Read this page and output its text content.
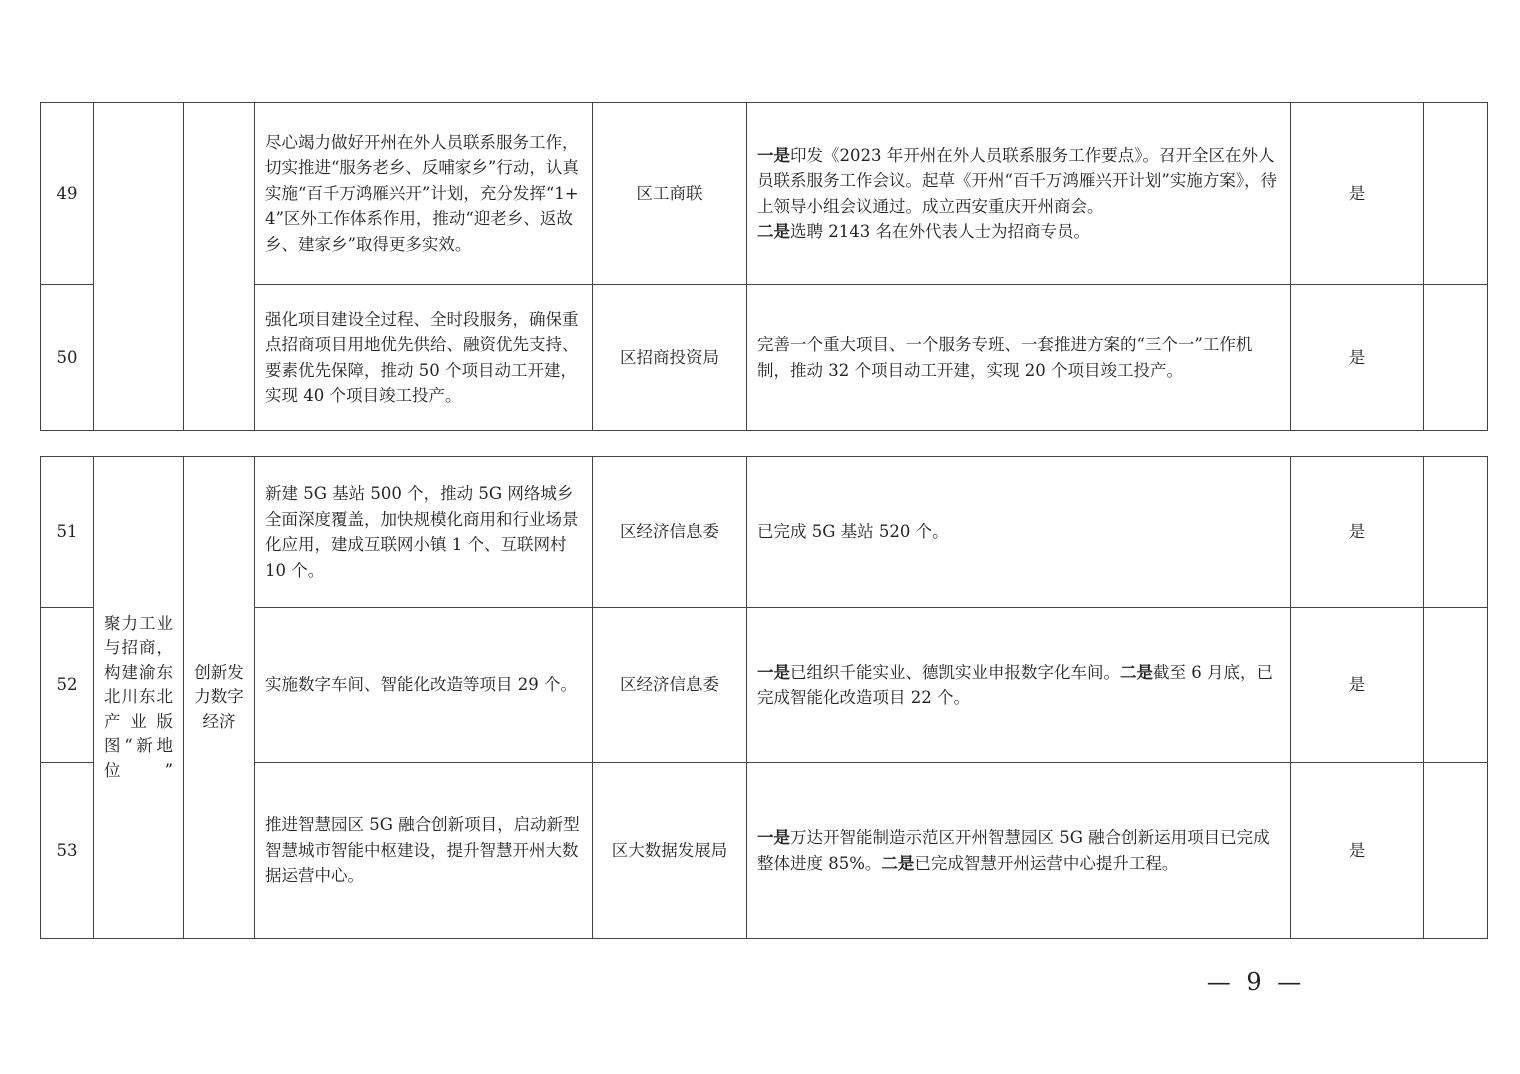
49			尽心竭力做好开州在外人员联系服务工作，切实推进“服务老乡、反哺家乡”行动，认真实施“百千万鸿雁兴开”计划，充分发挥“1+4”区外工作体系作用，推动“迎老乡、返故乡、建家乡”取得更多实效。	区工商联	一是印发《2023 年开州在外人员联系服务工作要点》。召开全区在外人员联系服务工作会议。起草《开州“百千万鸿雁兴开计划”实施方案》，待上领导小组会议通过。成立西安重庆开州商会。
二是选聘 2143 名在外代表人士为招商专员。	是	
50			强化项目建设全过程、全时段服务，确保重点招商项目用地优先供给、融资优先支持、要素优先保障，推动 50 个项目动工开建，实现 40 个项目竣工投产。	区招商投资局	完善一个重大项目、一个服务专班、一套推进方案的“三个一”工作机制，推动 32 个项目动工开建，实现 20 个项目竣工投产。	是	
51	聚力工业与招商，构建渝东北川东北产业版图“新地位”	创新发力数字经济	新建 5G 基站 500 个，推动 5G 网络城乡全面深度覆盖，加快规模化商用和行业场景化应用，建成互联网小镇 1 个、互联网村 10 个。	区经济信息委	已完成 5G 基站 520 个。	是	
52			实施数字车间、智能化改造等项目 29 个。	区经济信息委	一是已组织千能实业、德凯实业申报数字化车间。二是截至 6 月底，已完成智能化改造项目 22 个。	是	
53			推进智慧园区 5G 融合创新项目，启动新型智慧城市智能中枢建设，提升智慧开州大数据运营中心。	区大数据发展局	一是万达开智能制造示范区开州智慧园区 5G 融合创新运用项目已完成整体进度 85%。二是已完成智慧开州运营中心提升工程。	是	
— 9 —
